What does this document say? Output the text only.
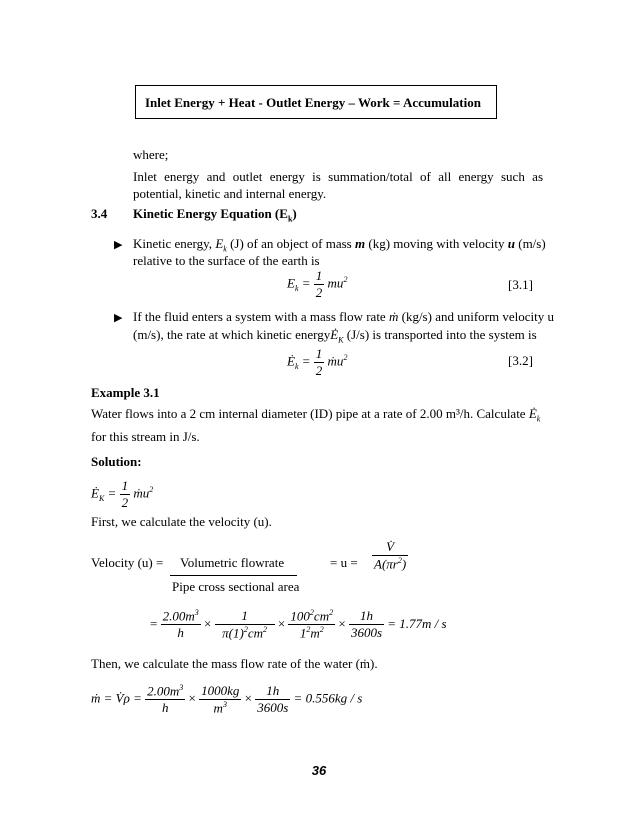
Inlet Energy + Heat - Outlet Energy – Work = Accumulation
where;
Inlet energy and outlet energy is summation/total of all energy such as potential, kinetic and internal energy.
3.4 Kinetic Energy Equation $(E_k)$
▶ Kinetic energy, $E_k$ (J) of an object of mass m (kg) moving with velocity u (m/s)
relative to the surface of the earth is
$E_k = \frac{1}{2} mu^2$	[3.1]
▶ If the fluid enters a system with a mass flow rate ṁ (kg/s) and uniform velocity u
(m/s), the rate at which kinetic energyĖ$_K$ (J/s) is transported into the system is
$Ė_k = \frac{1}{2}$ ṁu$^2$	[3.2]
Example 3.1
Water flows into a 2 cm internal diameter (ID) pipe at a rate of 2.00 m³/h. Calculate $Ė_k$
for this stream in J/s.
Solution:
$Ė_K = \frac{1}{2}$ ṁu$^2$
First, we calculate the velocity (u).
Velocity (u) = Volumetric flowrate
Pipe cross sectional area
= $u = \frac{V̇}{A(\pi r^2)}$
= $\frac{2.00m^3}{h} \times \frac{1}{\pi(1)^2cm^2} \times \frac{100^2cm^2}{1^2m^2} \times \frac{1h}{3600s} = 1.77m / s$
Then, we calculate the mass flow rate of the water (ṁ).
ṁ = V̇ρ = $\frac{2.00m^3}{h} \times \frac{1000kg}{m^3} \times \frac{1h}{3600s} = 0.556kg / s$
36
